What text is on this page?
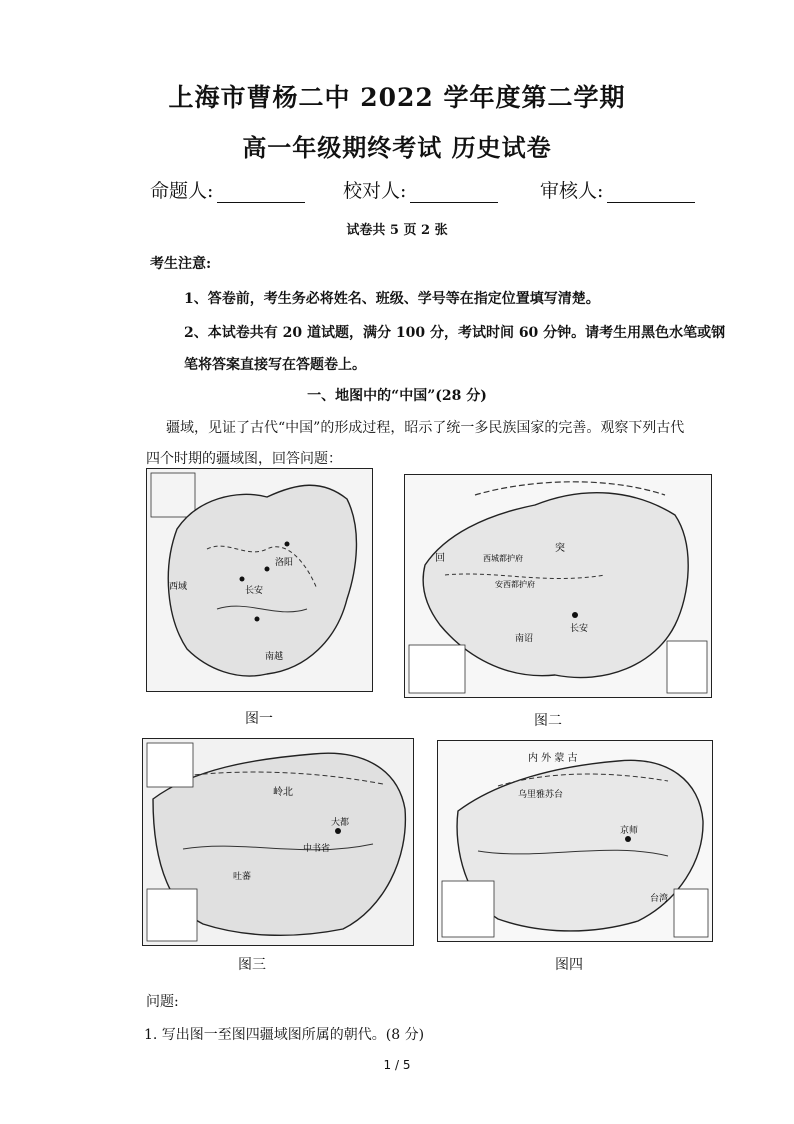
上海市曹杨二中 2022 学年度第二学期
高一年级期终考试 历史试卷
命题人:	校对人:	审核人:
试卷共 5 页 2 张
考生注意:
1、答卷前，考生务必将姓名、班级、学号等在指定位置填写清楚。
2、本试卷共有 20 道试题，满分 100 分，考试时间 60 分钟。请考生用黑色水笔或钢
笔将答案直接写在答题卷上。
一、地图中的“中国”(28 分)
疆域，见证了古代“中国”的形成过程，昭示了统一多民族国家的完善。观察下列古代
四个时期的疆域图，回答问题：
西域
南越
长安
洛阳
图一
突
回	西城都护府
安西都护府
长安
南诏
图二
岭北
中书省
大都
吐蕃
图三
内 外 蒙 古
乌里雅苏台
京师
台湾
图四
问题:
1. 写出图一至图四疆域图所属的朝代。(8 分)
1 / 5
